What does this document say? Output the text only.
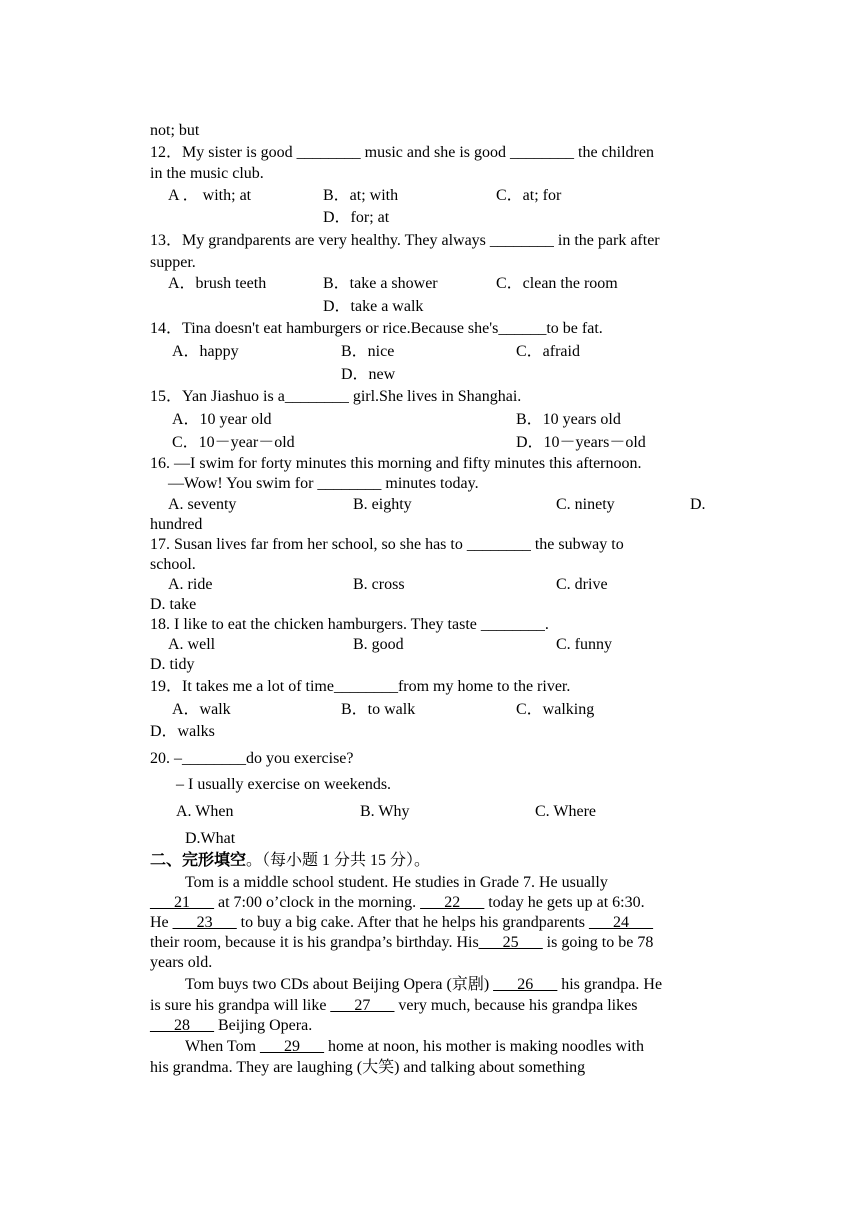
not; but
12．My sister is good ________ music and she is good ________ the children
in the music club.
A ． with; at	B．at; with	C．at; for
D．for; at
13．My grandparents are very healthy. They always ________ in the park after
supper.
A．brush teeth	B．take a shower	C．clean the room
D．take a walk
14．Tina doesn't eat hamburgers or rice.Because she's______to be fat.
A．happy	B．nice	C．afraid
D．new
15．Yan Jiashuo is a________ girl.She lives in Shanghai.
A．10 year old	B．10 years old
C．10－year－old	D．10－years－old
16. —I swim for forty minutes this morning and fifty minutes this afternoon.
—Wow! You swim for ________ minutes today.
A. seventy	B. eighty	C. ninety	D.
hundred
17. Susan lives far from her school, so she has to ________ the subway to
school.
A. ride	B. cross	C. drive
D. take
18. I like to eat the chicken hamburgers. They taste ________.
A. well	B. good	C. funny
D. tidy
19．It takes me a lot of time________from my home to the river.
A．walk	B．to walk	C．walking
D．walks
20. –________do you exercise?
– I usually exercise on weekends.
A. When	B. Why	C. Where
D.What
二、完形填空。（每小题 1 分共 15 分）。
Tom is a middle school student. He studies in Grade 7. He usually
___21___ at 7:00 o’clock in the morning. ___22___ today he gets up at 6:30.
He ___23___ to buy a big cake. After that he helps his grandparents ___24___
their room, because it is his grandpa’s birthday. His___25___ is going to be 78
years old.
Tom buys two CDs about Beijing Opera (京剧) ___26___ his grandpa. He
is sure his grandpa will like ___27___ very much, because his grandpa likes
___28___ Beijing Opera.
When Tom ___29___ home at noon, his mother is making noodles with
his grandma. They are laughing (大笑) and talking about something
